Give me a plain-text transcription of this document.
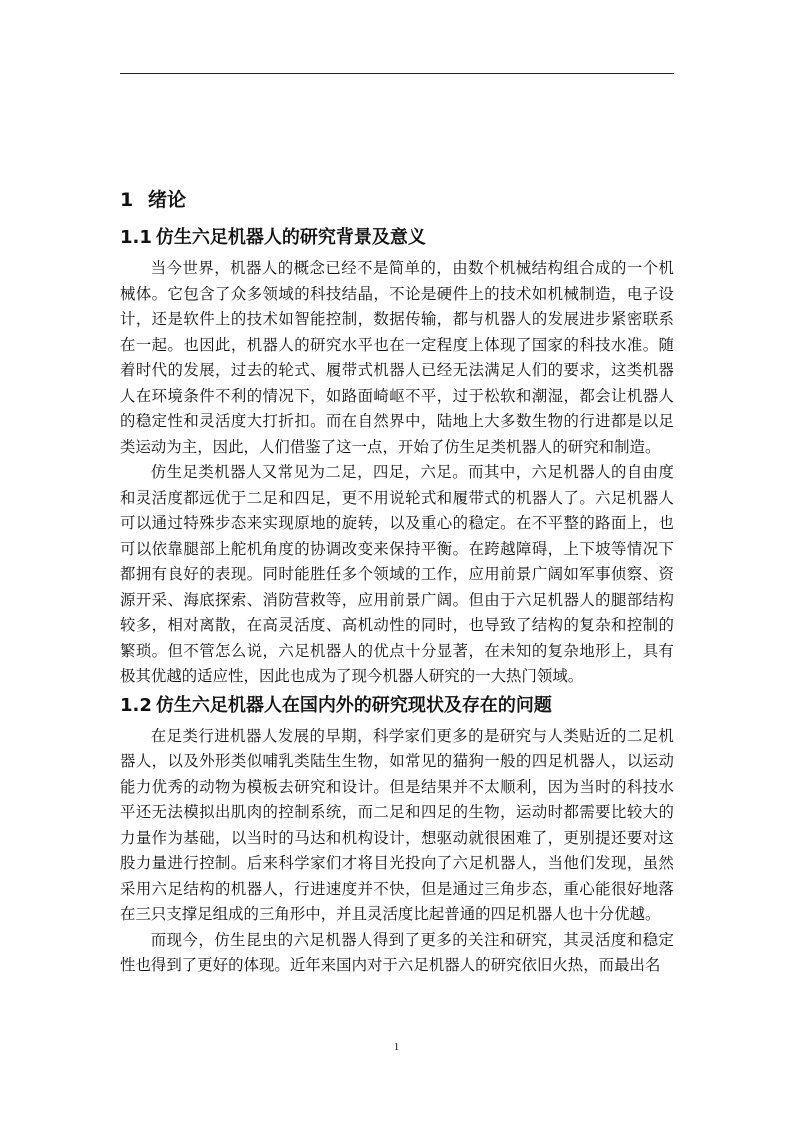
1 绪论
1.1 仿生六足机器人的研究背景及意义

当今世界，机器人的概念已经不是简单的，由数个机械结构组合成的一个机械体。它包含了众多领域的科技结晶，不论是硬件上的技术如机械制造，电子设计，还是软件上的技术如智能控制，数据传输，都与机器人的发展进步紧密联系在一起。也因此，机器人的研究水平也在一定程度上体现了国家的科技水准。随着时代的发展，过去的轮式、履带式机器人已经无法满足人们的要求，这类机器人在环境条件不利的情况下，如路面崎岖不平，过于松软和潮湿，都会让机器人的稳定性和灵活度大打折扣。而在自然界中，陆地上大多数生物的行进都是以足类运动为主，因此，人们借鉴了这一点，开始了仿生足类机器人的研究和制造。

仿生足类机器人又常见为二足，四足，六足。而其中，六足机器人的自由度和灵活度都远优于二足和四足，更不用说轮式和履带式的机器人了。六足机器人可以通过特殊步态来实现原地的旋转，以及重心的稳定。在不平整的路面上，也可以依靠腿部上舵机角度的协调改变来保持平衡。在跨越障碍，上下坡等情况下都拥有良好的表现。同时能胜任多个领域的工作，应用前景广阔如军事侦察、资源开采、海底探索、消防营救等，应用前景广阔。但由于六足机器人的腿部结构较多，相对离散，在高灵活度、高机动性的同时，也导致了结构的复杂和控制的繁琐。但不管怎么说，六足机器人的优点十分显著，在未知的复杂地形上，具有极其优越的适应性，因此也成为了现今机器人研究的一大热门领域。

1.2 仿生六足机器人在国内外的研究现状及存在的问题

在足类行进机器人发展的早期，科学家们更多的是研究与人类贴近的二足机器人，以及外形类似哺乳类陆生生物，如常见的猫狗一般的四足机器人，以运动能力优秀的动物为模板去研究和设计。但是结果并不太顺利，因为当时的科技水平还无法模拟出肌肉的控制系统，而二足和四足的生物，运动时都需要比较大的力量作为基础，以当时的马达和机构设计，想驱动就很困难了，更别提还要对这股力量进行控制。后来科学家们才将目光投向了六足机器人，当他们发现，虽然采用六足结构的机器人，行进速度并不快，但是通过三角步态，重心能很好地落在三只支撑足组成的三角形中，并且灵活度比起普通的四足机器人也十分优越。

而现今，仿生昆虫的六足机器人得到了更多的关注和研究，其灵活度和稳定性也得到了更好的体现。近年来国内对于六足机器人的研究依旧火热，而最出名

1
